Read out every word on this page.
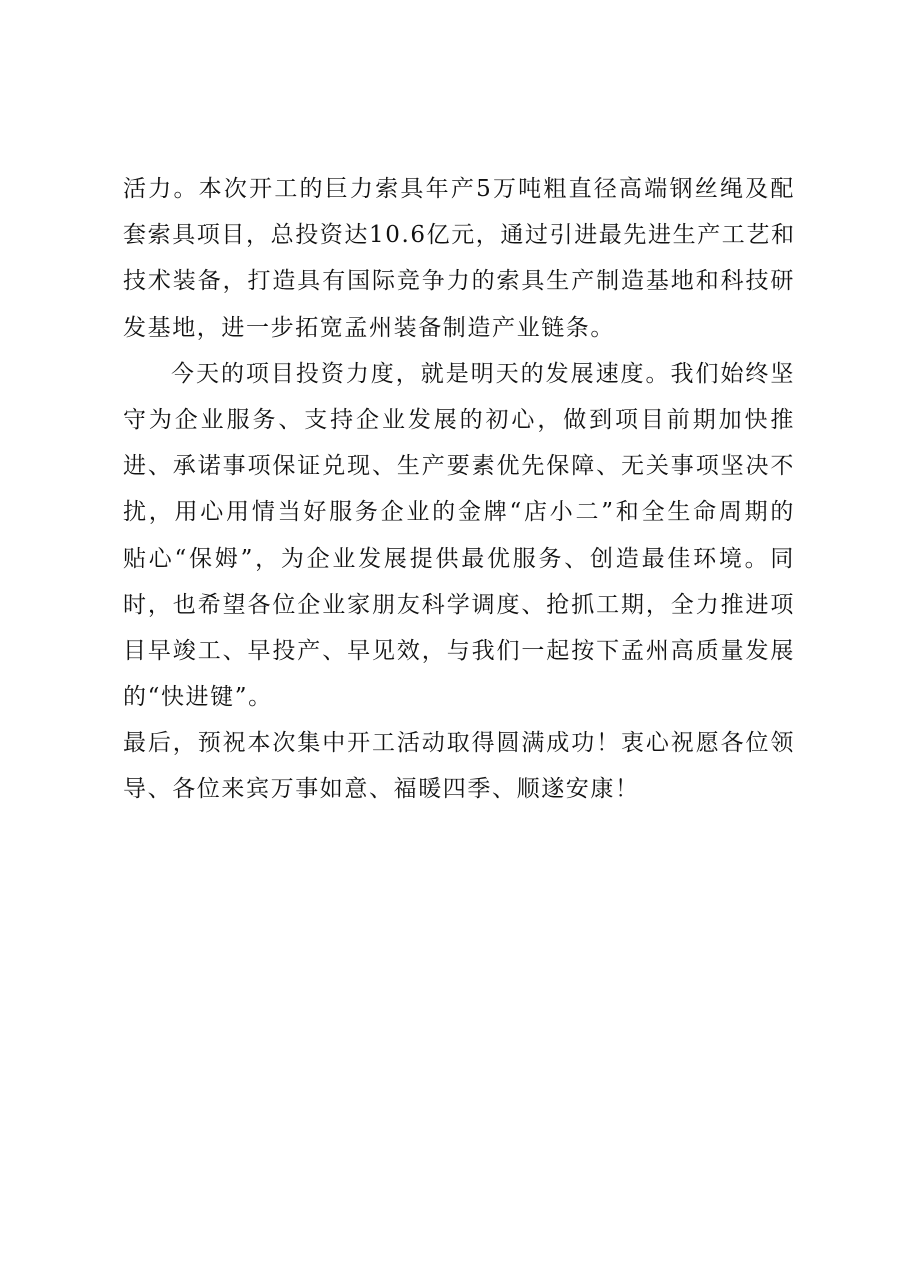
活力。本次开工的巨力索具年产5万吨粗直径高端钢丝绳及配
套索具项目，总投资达10.6亿元，通过引进最先进生产工艺和
技术装备，打造具有国际竞争力的索具生产制造基地和科技研
发基地，进一步拓宽孟州装备制造产业链条。
今天的项目投资力度，就是明天的发展速度。我们始终坚
守为企业服务、支持企业发展的初心，做到项目前期加快推
进、承诺事项保证兑现、生产要素优先保障、无关事项坚决不
扰，用心用情当好服务企业的金牌“店小二”和全生命周期的
贴心“保姆”，为企业发展提供最优服务、创造最佳环境。同
时，也希望各位企业家朋友科学调度、抢抓工期，全力推进项
目早竣工、早投产、早见效，与我们一起按下孟州高质量发展
的“快进键”。
最后，预祝本次集中开工活动取得圆满成功！衷心祝愿各位领
导、各位来宾万事如意、福暖四季、顺遂安康！
